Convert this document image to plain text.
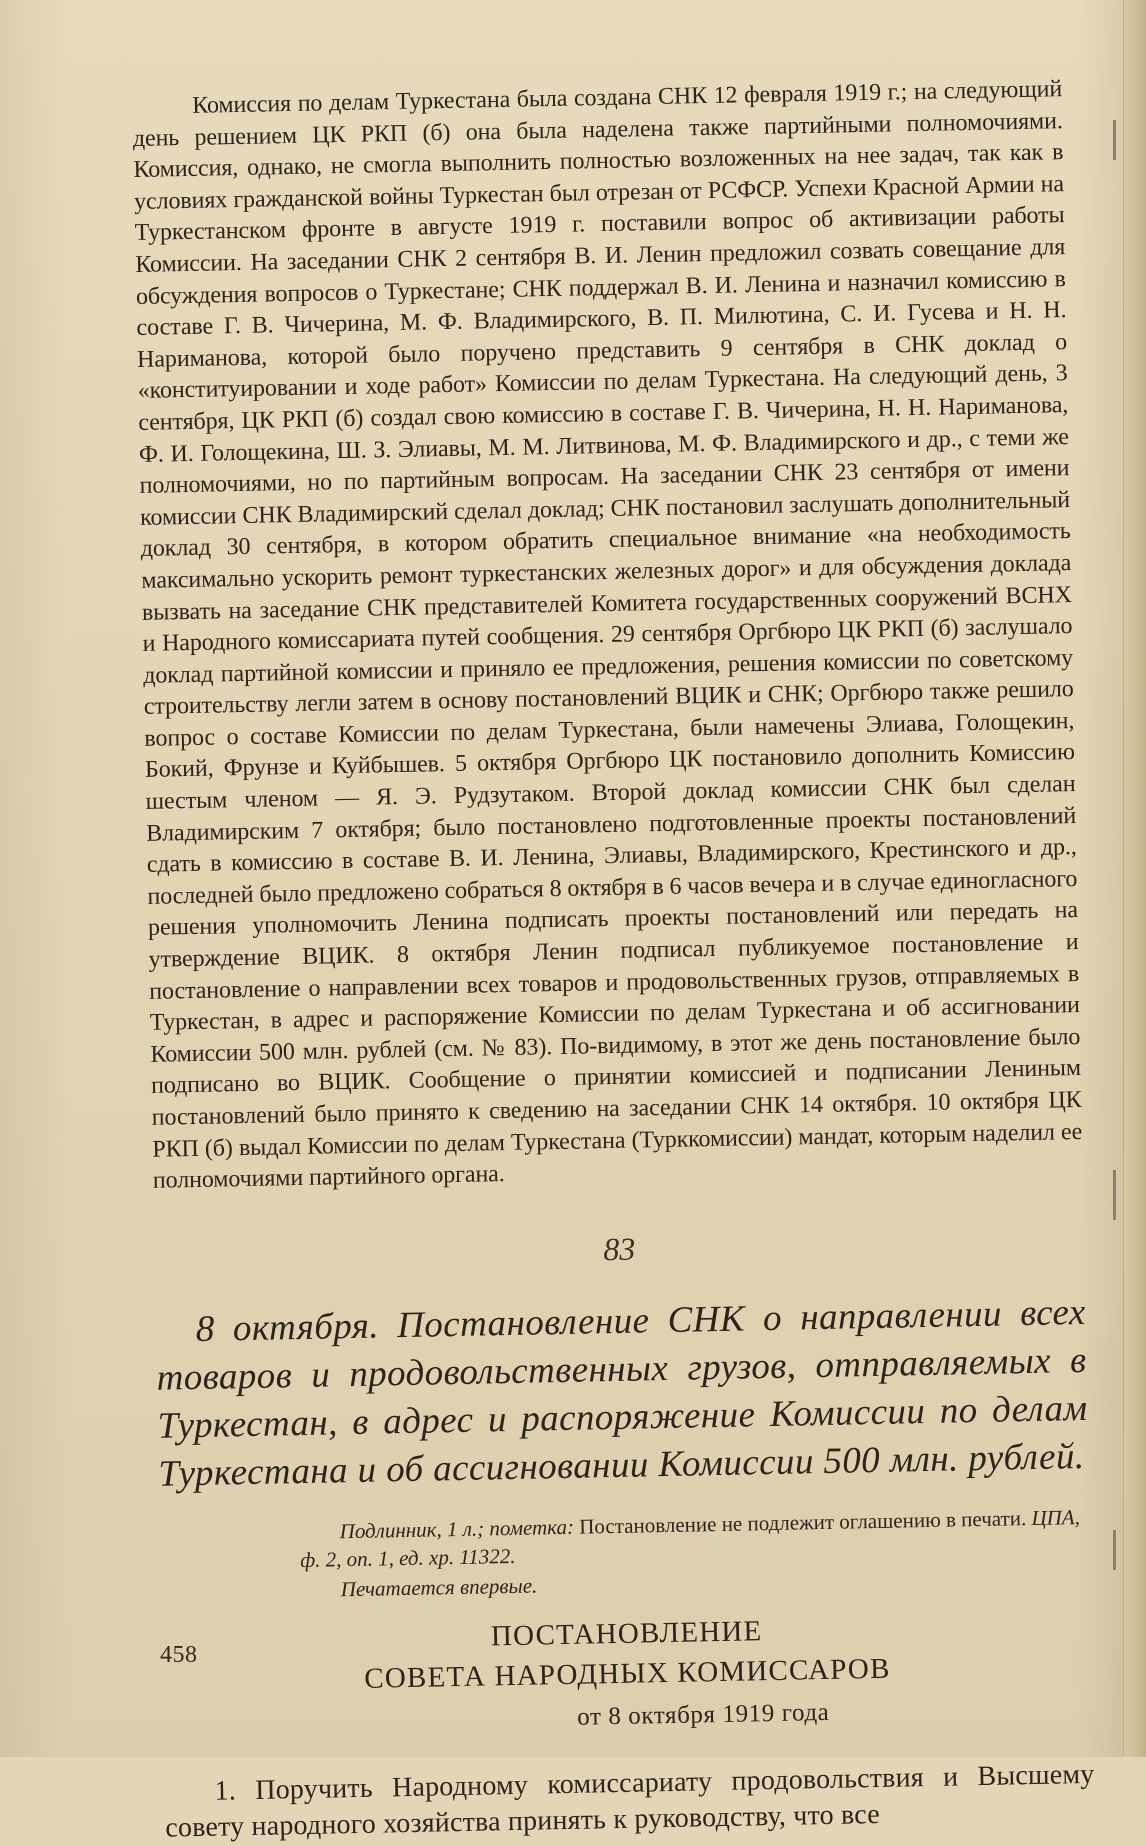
Комиссия по делам Туркестана была создана СНК 12 февраля 1919 г.; на следующий день решением ЦК РКП (б) она была наделена также партийными полномочиями. Комиссия, однако, не смогла выполнить полностью возложенных на нее задач, так как в условиях гражданской войны Туркестан был отрезан от РСФСР. Успехи Красной Армии на Туркестанском фронте в августе 1919 г. поставили вопрос об активизации работы Комиссии. На заседании СНК 2 сентября В. И. Ленин предложил созвать совещание для обсуждения вопросов о Туркестане; СНК поддержал В. И. Ленина и назначил комиссию в составе Г. В. Чичерина, М. Ф. Владимирского, В. П. Милютина, С. И. Гусева и Н. Н. Нариманова, которой было поручено представить 9 сентября в СНК доклад о «конституировании и ходе работ» Комиссии по делам Туркестана. На следующий день, 3 сентября, ЦК РКП (б) создал свою комиссию в составе Г. В. Чичерина, Н. Н. Нариманова, Ф. И. Голощекина, Ш. З. Элиавы, М. М. Литвинова, М. Ф. Владимирского и др., с теми же полномочиями, но по партийным вопросам. На заседании СНК 23 сентября от имени комиссии СНК Владимирский сделал доклад; СНК постановил заслушать дополнительный доклад 30 сентября, в котором обратить специальное внимание «на необходимость максимально ускорить ремонт туркестанских железных дорог» и для обсуждения доклада вызвать на заседание СНК представителей Комитета государственных сооружений ВСНХ и Народного комиссариата путей сообщения. 29 сентября Оргбюро ЦК РКП (б) заслушало доклад партийной комиссии и приняло ее предложения, решения комиссии по советскому строительству легли затем в основу постановлений ВЦИК и СНК; Оргбюро также решило вопрос о составе Комиссии по делам Туркестана, были намечены Элиава, Голощекин, Бокий, Фрунзе и Куйбышев. 5 октября Оргбюро ЦК постановило дополнить Комиссию шестым членом — Я. Э. Рудзутаком. Второй доклад комиссии СНК был сделан Владимирским 7 октября; было постановлено подготовленные проекты постановлений сдать в комиссию в составе В. И. Ленина, Элиавы, Владимирского, Крестинского и др., последней было предложено собраться 8 октября в 6 часов вечера и в случае единогласного решения уполномочить Ленина подписать проекты постановлений или передать на утверждение ВЦИК. 8 октября Ленин подписал публикуемое постановление и постановление о направлении всех товаров и продовольственных грузов, отправляемых в Туркестан, в адрес и распоряжение Комиссии по делам Туркестана и об ассигновании Комиссии 500 млн. рублей (см. № 83). По-видимому, в этот же день постановление было подписано во ВЦИК. Сообщение о принятии комиссией и подписании Лениным постановлений было принято к сведению на заседании СНК 14 октября. 10 октября ЦК РКП (б) выдал Комиссии по делам Туркестана (Турккомиссии) мандат, которым наделил ее полномочиями партийного органа.

83

8 октября. Постановление СНК о направлении всех товаров и продовольственных грузов, отправляемых в Туркестан, в адрес и распоряжение Комиссии по делам Туркестана и об ассигновании Комиссии 500 млн. рублей.

Подлинник, 1 л.; пометка: Постановление не подлежит оглашению в печати. ЦПА, ф. 2, оп. 1, ед. хр. 11322.
Печатается впервые.
ПОСТАНОВЛЕНИЕ
СОВЕТА НАРОДНЫХ КОМИССАРОВ
от 8 октября 1919 года

1. Поручить Народному комиссариату продовольствия и Высшему совету народного хозяйства принять к руководству, что все

458
